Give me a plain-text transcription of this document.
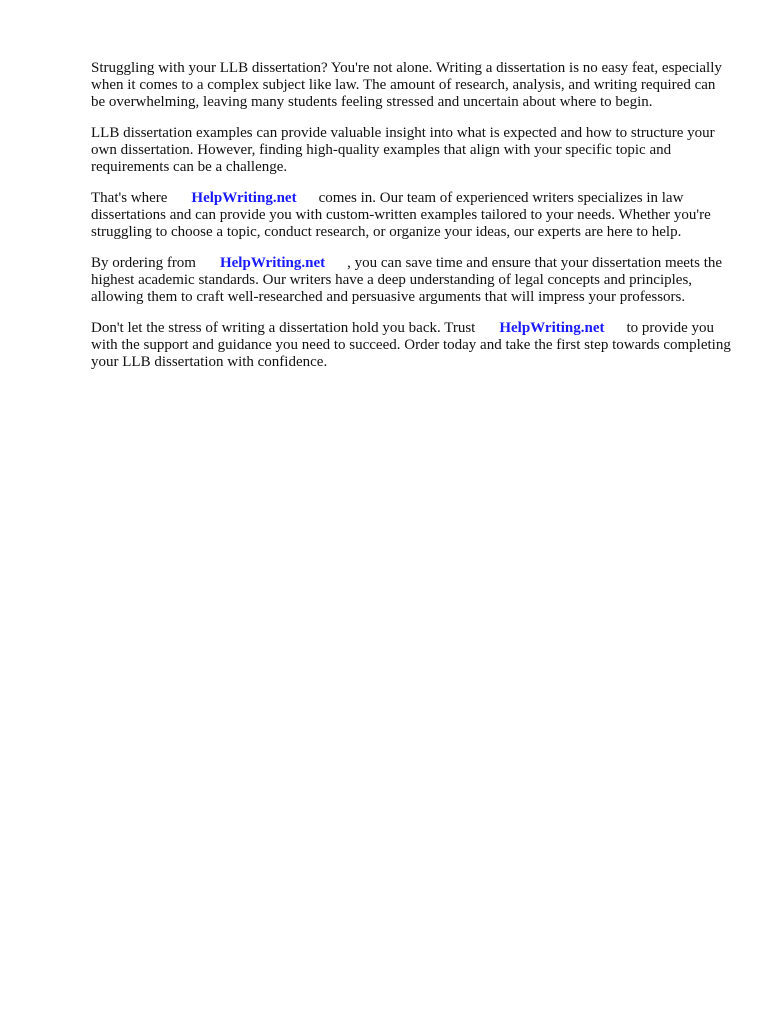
Struggling with your LLB dissertation? You're not alone. Writing a dissertation is no easy feat, especially when it comes to a complex subject like law. The amount of research, analysis, and writing required can be overwhelming, leaving many students feeling stressed and uncertain about where to begin.

LLB dissertation examples can provide valuable insight into what is expected and how to structure your own dissertation. However, finding high-quality examples that align with your specific topic and requirements can be a challenge.

That's where HelpWriting.net comes in. Our team of experienced writers specializes in law dissertations and can provide you with custom-written examples tailored to your needs. Whether you're struggling to choose a topic, conduct research, or organize your ideas, our experts are here to help.

By ordering from HelpWriting.net , you can save time and ensure that your dissertation meets the highest academic standards. Our writers have a deep understanding of legal concepts and principles, allowing them to craft well-researched and persuasive arguments that will impress your professors.

Don't let the stress of writing a dissertation hold you back. Trust HelpWriting.net to provide you with the support and guidance you need to succeed. Order today and take the first step towards completing your LLB dissertation with confidence.
